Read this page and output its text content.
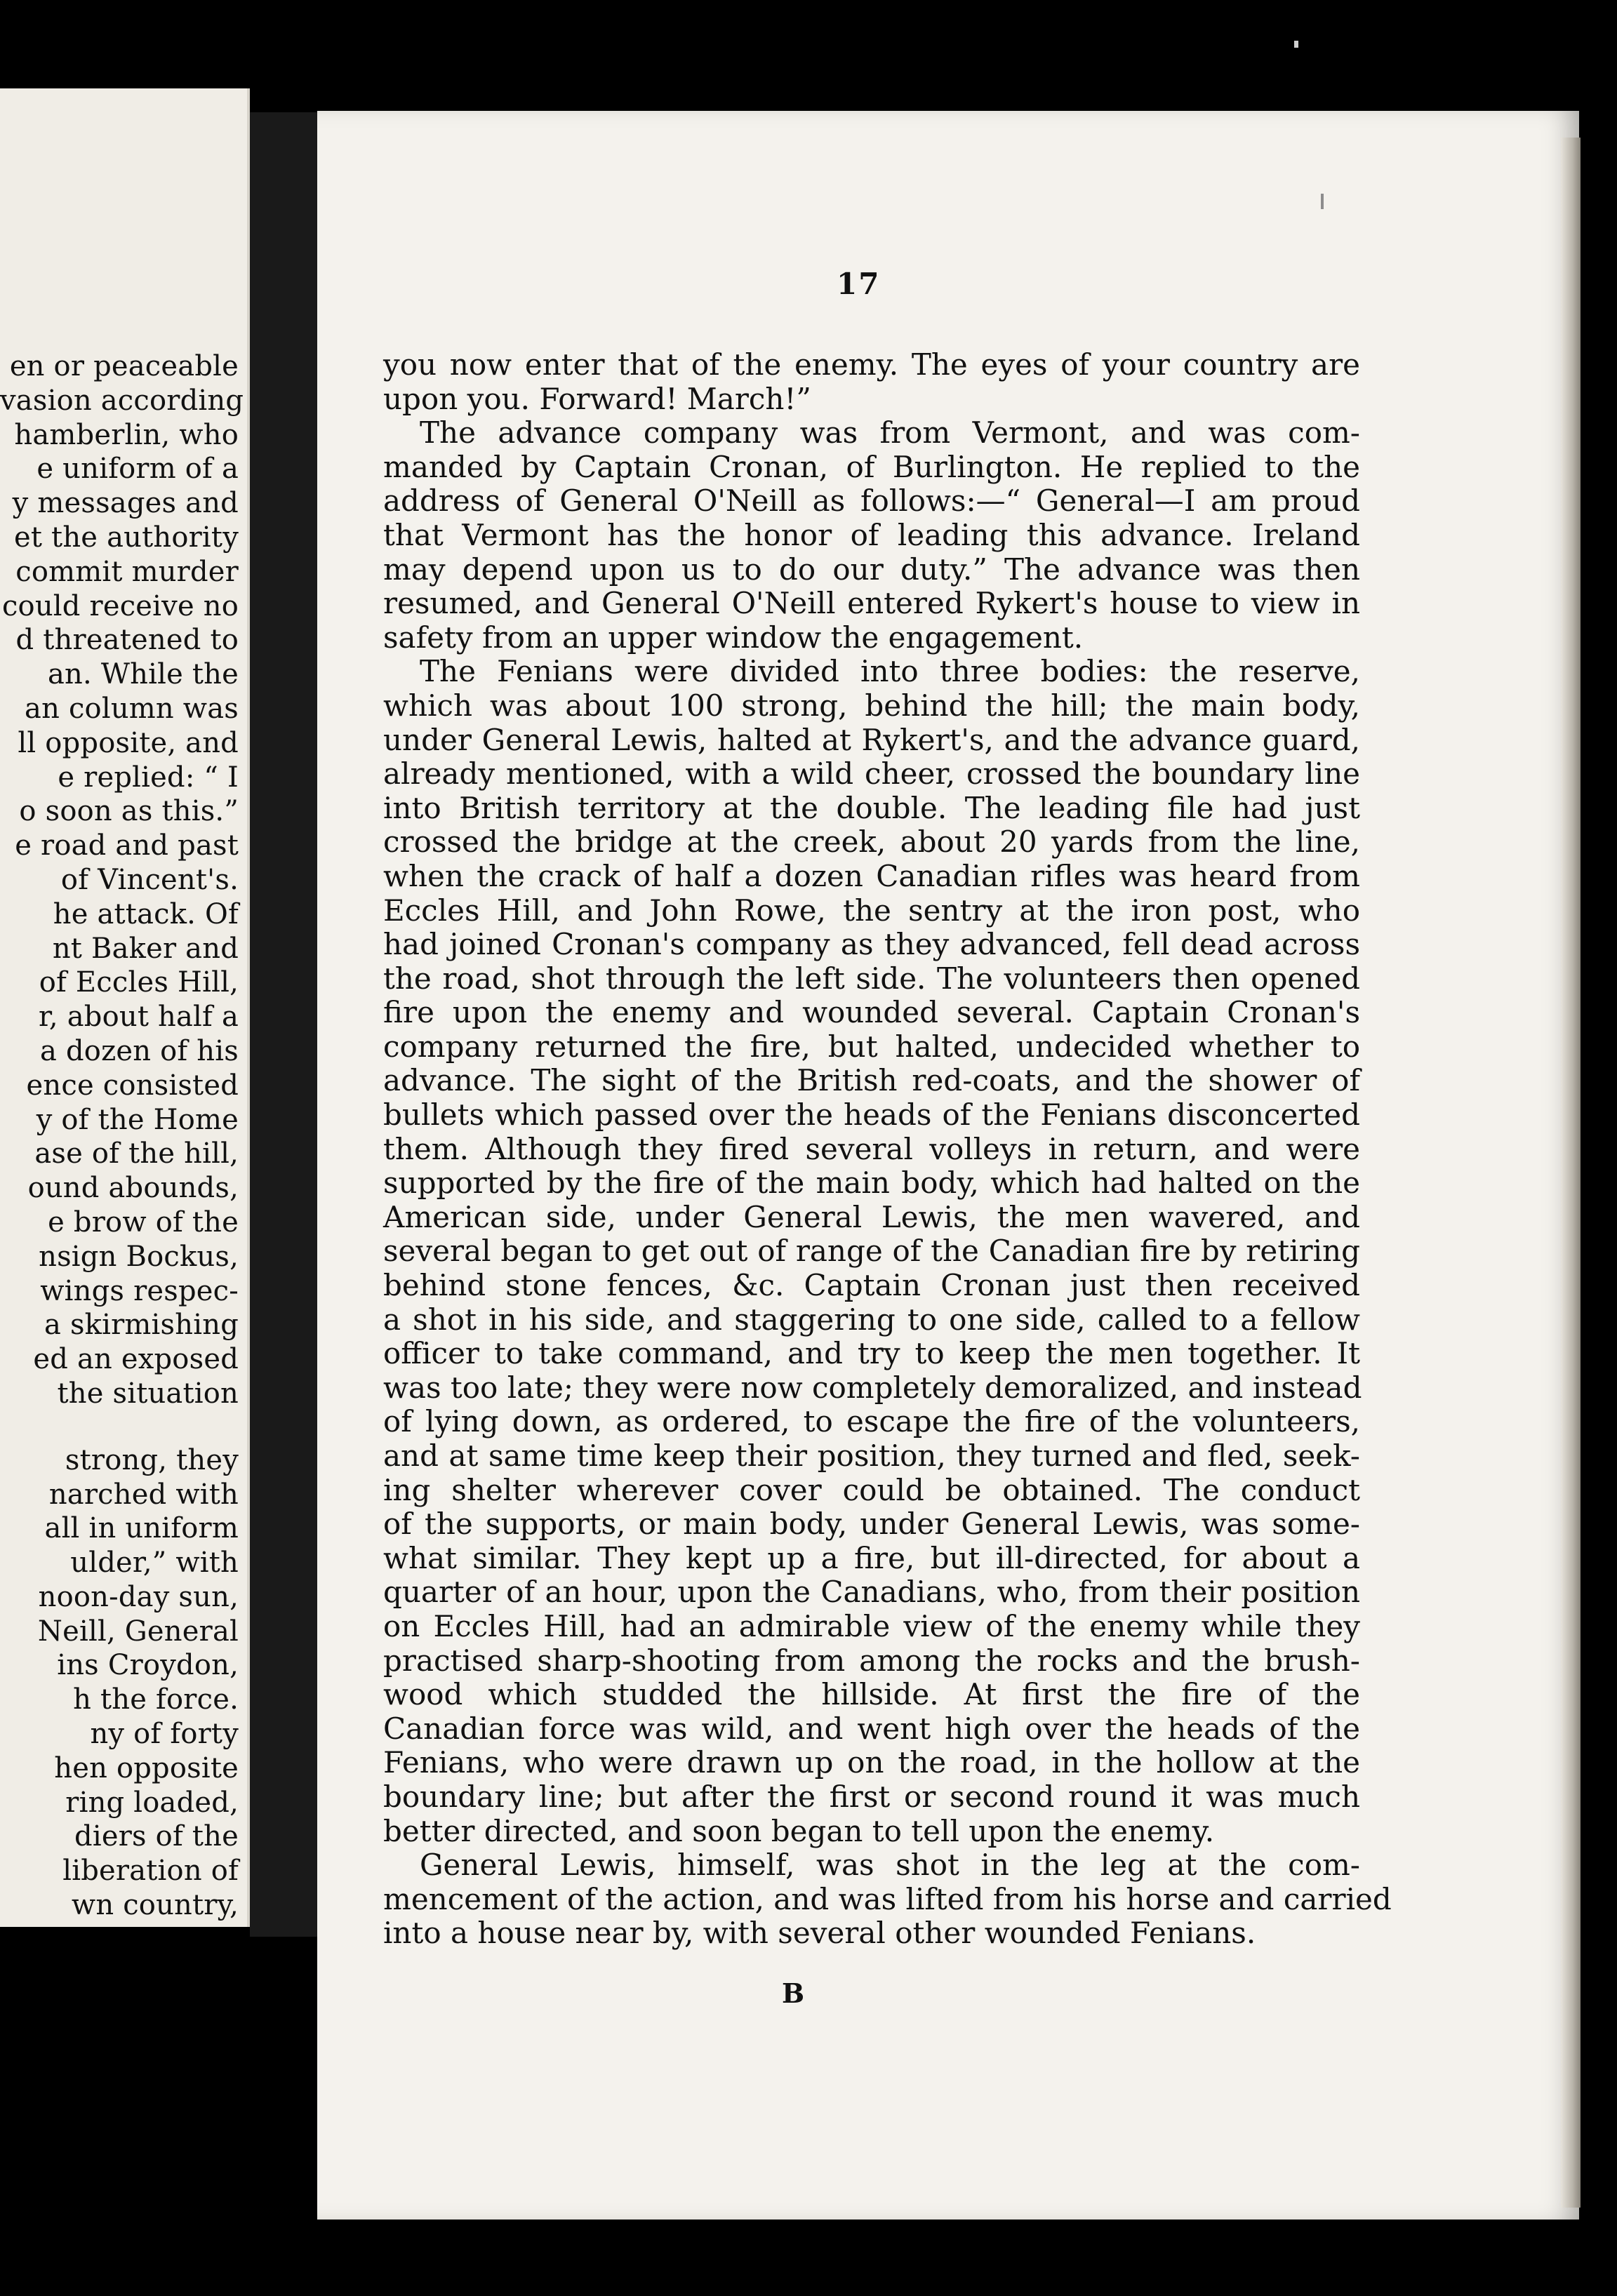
en or peaceable
vasion according
hamberlin, who
e uniform of a
y messages and
et the authority
commit murder
could receive no
d threatened to
an. While the
an column was
ll opposite, and
e replied: “ I
o soon as this.”
e road and past
of Vincent's.
he attack. Of
nt Baker and
of Eccles Hill,
r, about half a
a dozen of his
ence consisted
y of the Home
ase of the hill,
ound abounds,
e brow of the
nsign Bockus,
wings respec-
a skirmishing
ed an exposed
the situation
strong, they
narched with
all in uniform
ulder,” with
noon-day sun,
Neill, General
ins Croydon,
h the force.
ny of forty
hen opposite
ring loaded,
diers of the
liberation of
wn country,
17
you now enter that of the enemy. The eyes of your country are
upon you. Forward! March!”
The advance company was from Vermont, and was com-
manded by Captain Cronan, of Burlington. He replied to the
address of General O'Neill as follows:—“ General—I am proud
that Vermont has the honor of leading this advance. Ireland
may depend upon us to do our duty.” The advance was then
resumed, and General O'Neill entered Rykert's house to view in
safety from an upper window the engagement.
The Fenians were divided into three bodies: the reserve,
which was about 100 strong, behind the hill; the main body,
under General Lewis, halted at Rykert's, and the advance guard,
already mentioned, with a wild cheer, crossed the boundary line
into British territory at the double. The leading file had just
crossed the bridge at the creek, about 20 yards from the line,
when the crack of half a dozen Canadian rifles was heard from
Eccles Hill, and John Rowe, the sentry at the iron post, who
had joined Cronan's company as they advanced, fell dead across
the road, shot through the left side. The volunteers then opened
fire upon the enemy and wounded several. Captain Cronan's
company returned the fire, but halted, undecided whether to
advance. The sight of the British red-coats, and the shower of
bullets which passed over the heads of the Fenians disconcerted
them. Although they fired several volleys in return, and were
supported by the fire of the main body, which had halted on the
American side, under General Lewis, the men wavered, and
several began to get out of range of the Canadian fire by retiring
behind stone fences, &c. Captain Cronan just then received
a shot in his side, and staggering to one side, called to a fellow
officer to take command, and try to keep the men together. It
was too late; they were now completely demoralized, and instead
of lying down, as ordered, to escape the fire of the volunteers,
and at same time keep their position, they turned and fled, seek-
ing shelter wherever cover could be obtained. The conduct
of the supports, or main body, under General Lewis, was some-
what similar. They kept up a fire, but ill-directed, for about a
quarter of an hour, upon the Canadians, who, from their position
on Eccles Hill, had an admirable view of the enemy while they
practised sharp-shooting from among the rocks and the brush-
wood which studded the hillside. At first the fire of the
Canadian force was wild, and went high over the heads of the
Fenians, who were drawn up on the road, in the hollow at the
boundary line; but after the first or second round it was much
better directed, and soon began to tell upon the enemy.
General Lewis, himself, was shot in the leg at the com-
mencement of the action, and was lifted from his horse and carried
into a house near by, with several other wounded Fenians.
B
